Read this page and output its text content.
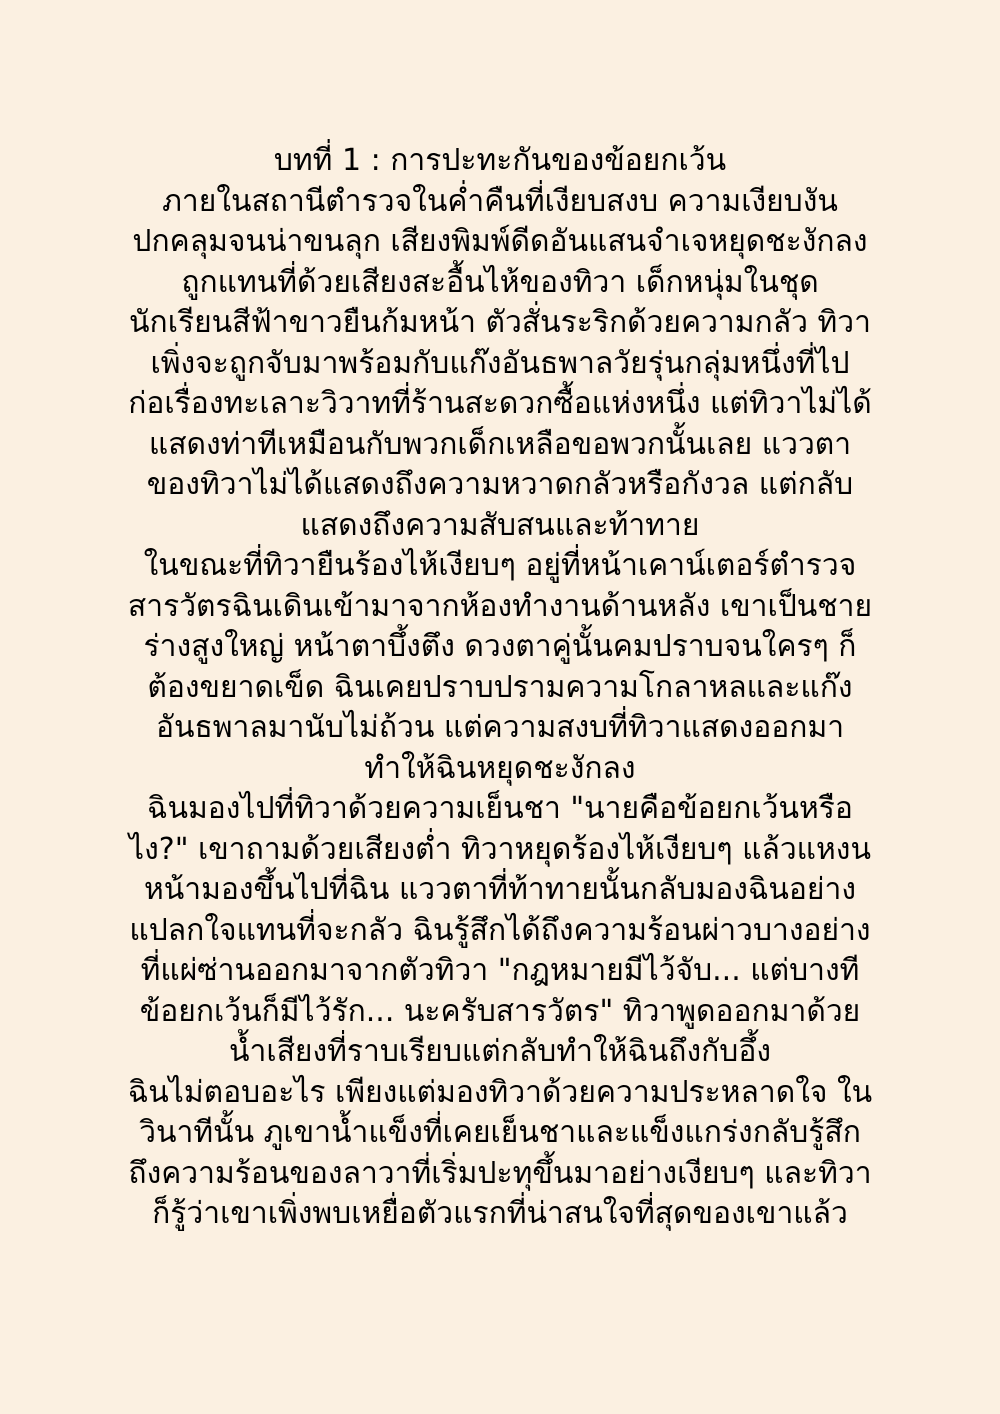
บทที่ 1 : การปะทะกันของข้อยกเว้น
ภายในสถานีตำรวจในค่ำคืนที่เงียบสงบ ความเงียบงัน
ปกคลุมจนน่าขนลุก เสียงพิมพ์ดีดอันแสนจำเจหยุดชะงักลง
ถูกแทนที่ด้วยเสียงสะอื้นไห้ของทิวา เด็กหนุ่มในชุด
นักเรียนสีฟ้าขาวยืนก้มหน้า ตัวสั่นระริกด้วยความกลัว ทิวา
เพิ่งจะถูกจับมาพร้อมกับแก๊งอันธพาลวัยรุ่นกลุ่มหนึ่งที่ไป
ก่อเรื่องทะเลาะวิวาทที่ร้านสะดวกซื้อแห่งหนึ่ง แต่ทิวาไม่ได้
แสดงท่าทีเหมือนกับพวกเด็กเหลือขอพวกนั้นเลย แววตา
ของทิวาไม่ได้แสดงถึงความหวาดกลัวหรือกังวล แต่กลับ
แสดงถึงความสับสนและท้าทาย
ในขณะที่ทิวายืนร้องไห้เงียบๆ อยู่ที่หน้าเคาน์เตอร์ตำรวจ
สารวัตรฉินเดินเข้ามาจากห้องทำงานด้านหลัง เขาเป็นชาย
ร่างสูงใหญ่ หน้าตาบึ้งตึง ดวงตาคู่นั้นคมปราบจนใครๆ ก็
ต้องขยาดเข็ด ฉินเคยปราบปรามความโกลาหลและแก๊ง
อันธพาลมานับไม่ถ้วน แต่ความสงบที่ทิวาแสดงออกมา
ทำให้ฉินหยุดชะงักลง
ฉินมองไปที่ทิวาด้วยความเย็นชา "นายคือข้อยกเว้นหรือ
ไง?" เขาถามด้วยเสียงต่ำ ทิวาหยุดร้องไห้เงียบๆ แล้วแหงน
หน้ามองขึ้นไปที่ฉิน แววตาที่ท้าทายนั้นกลับมองฉินอย่าง
แปลกใจแทนที่จะกลัว ฉินรู้สึกได้ถึงความร้อนผ่าวบางอย่าง
ที่แผ่ซ่านออกมาจากตัวทิวา "กฎหมายมีไว้จับ... แต่บางที
ข้อยกเว้นก็มีไว้รัก... นะครับสารวัตร" ทิวาพูดออกมาด้วย
น้ำเสียงที่ราบเรียบแต่กลับทำให้ฉินถึงกับอึ้ง
ฉินไม่ตอบอะไร เพียงแต่มองทิวาด้วยความประหลาดใจ ใน
วินาทีนั้น ภูเขาน้ำแข็งที่เคยเย็นชาและแข็งแกร่งกลับรู้สึก
ถึงความร้อนของลาวาที่เริ่มปะทุขึ้นมาอย่างเงียบๆ และทิวา
ก็รู้ว่าเขาเพิ่งพบเหยื่อตัวแรกที่น่าสนใจที่สุดของเขาแล้ว
